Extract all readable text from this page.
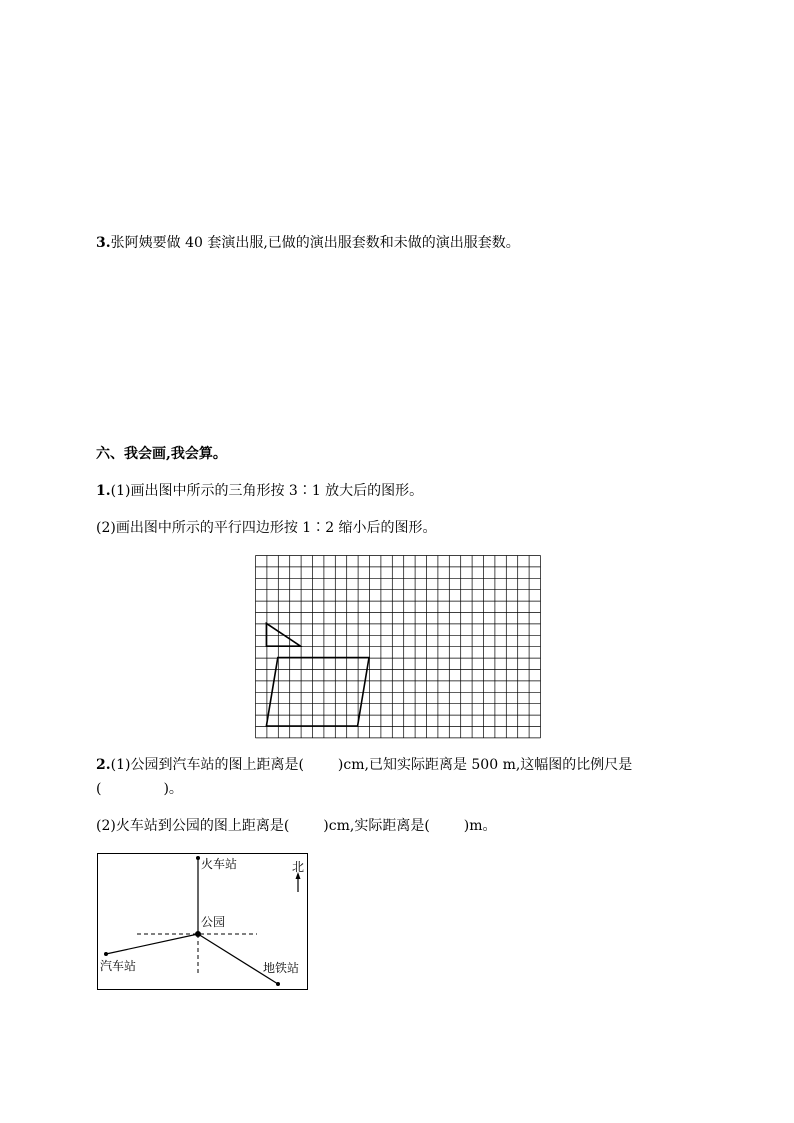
3.张阿姨要做 40 套演出服,已做的演出服套数和未做的演出服套数。
六、我会画,我会算。
1.(1)画出图中所示的三角形按 3∶1 放大后的图形。
(2)画出图中所示的平行四边形按 1∶2 缩小后的图形。
2.(1)公园到汽车站的图上距离是( )cm,已知实际距离是 500 m,这幅图的比例尺是
(	)。
(2)火车站到公园的图上距离是( )cm,实际距离是( )m。
北
火车站
公园
汽车站	地铁站
